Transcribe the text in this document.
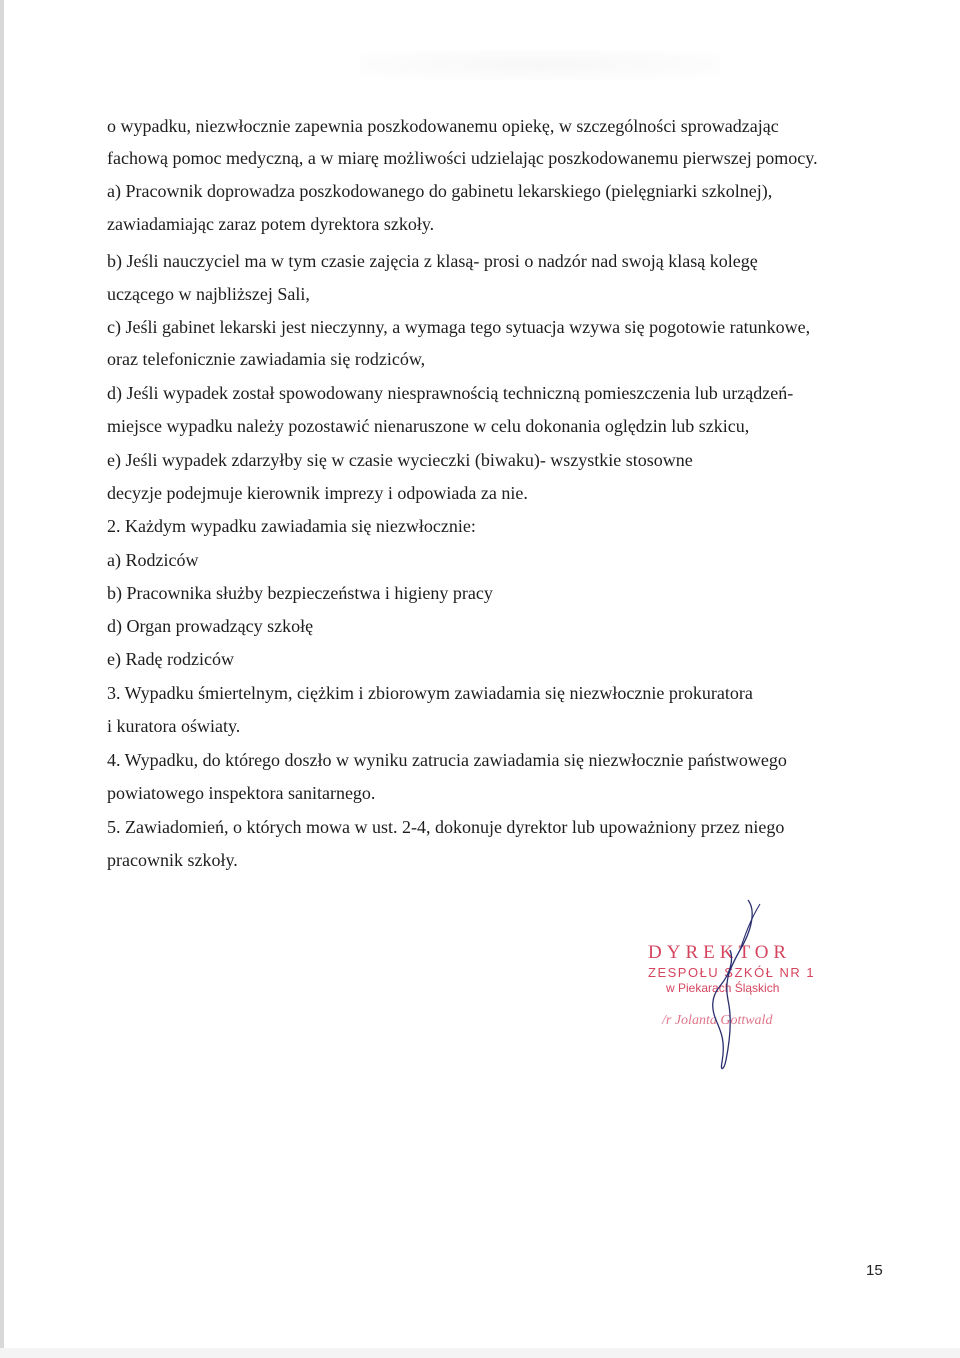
o wypadku, niezwłocznie zapewnia poszkodowanemu opiekę, w szczególności sprowadzając
fachową pomoc medyczną, a w miarę możliwości udzielając poszkodowanemu pierwszej pomocy.
a) Pracownik doprowadza poszkodowanego do gabinetu lekarskiego (pielęgniarki szkolnej),
zawiadamiając zaraz potem dyrektora szkoły.
b) Jeśli nauczyciel ma w tym czasie zajęcia z klasą- prosi o nadzór nad swoją klasą kolegę
uczącego w najbliższej Sali,
c) Jeśli gabinet lekarski jest nieczynny, a wymaga tego sytuacja wzywa się pogotowie ratunkowe,
oraz telefonicznie zawiadamia się rodziców,
d) Jeśli wypadek został spowodowany niesprawnością techniczną pomieszczenia lub urządzeń-
miejsce wypadku należy pozostawić nienaruszone w celu dokonania oględzin lub szkicu,
e) Jeśli wypadek zdarzyłby się w czasie wycieczki (biwaku)- wszystkie stosowne
decyzje podejmuje kierownik imprezy i odpowiada za nie.
2. Każdym wypadku zawiadamia się niezwłocznie:
a) Rodziców
b) Pracownika służby bezpieczeństwa i higieny pracy
d) Organ prowadzący szkołę
e) Radę rodziców
3. Wypadku śmiertelnym, ciężkim i zbiorowym zawiadamia się niezwłocznie prokuratora
i kuratora oświaty.
4. Wypadku, do którego doszło w wyniku zatrucia zawiadamia się niezwłocznie państwowego
powiatowego inspektora sanitarnego.
5. Zawiadomień, o których mowa w ust. 2-4, dokonuje dyrektor lub upoważniony przez niego
pracownik szkoły.
DYREKTOR
ZESPOŁU SZKÓŁ NR 1
w Piekarach Śląskich
/r Jolanta Gottwald
15
